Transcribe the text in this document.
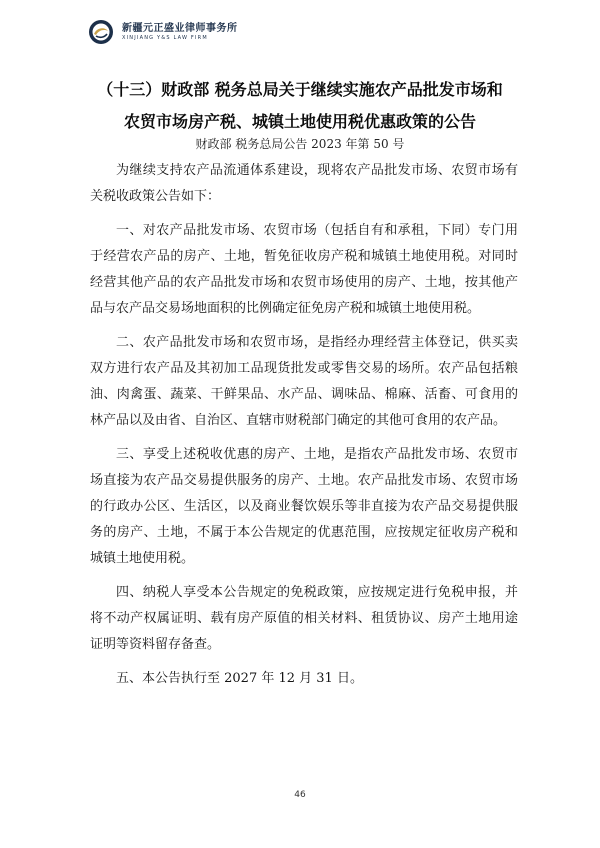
新疆元正盛业律师事务所
XINJIANG Y&S LAW FIRM
（十三）财政部 税务总局关于继续实施农产品批发市场和
农贸市场房产税、城镇土地使用税优惠政策的公告
财政部 税务总局公告 2023 年第 50 号

为继续支持农产品流通体系建设，现将农产品批发市场、农贸市场有关税收政策公告如下：

一、对农产品批发市场、农贸市场（包括自有和承租，下同）专门用于经营农产品的房产、土地，暂免征收房产税和城镇土地使用税。对同时经营其他产品的农产品批发市场和农贸市场使用的房产、土地，按其他产品与农产品交易场地面积的比例确定征免房产税和城镇土地使用税。

二、农产品批发市场和农贸市场，是指经办理经营主体登记，供买卖双方进行农产品及其初加工品现货批发或零售交易的场所。农产品包括粮油、肉禽蛋、蔬菜、干鲜果品、水产品、调味品、棉麻、活畜、可食用的林产品以及由省、自治区、直辖市财税部门确定的其他可食用的农产品。

三、享受上述税收优惠的房产、土地，是指农产品批发市场、农贸市场直接为农产品交易提供服务的房产、土地。农产品批发市场、农贸市场的行政办公区、生活区，以及商业餐饮娱乐等非直接为农产品交易提供服务的房产、土地，不属于本公告规定的优惠范围，应按规定征收房产税和城镇土地使用税。

四、纳税人享受本公告规定的免税政策，应按规定进行免税申报，并将不动产权属证明、载有房产原值的相关材料、租赁协议、房产土地用途证明等资料留存备查。

五、本公告执行至 2027 年 12 月 31 日。

46
